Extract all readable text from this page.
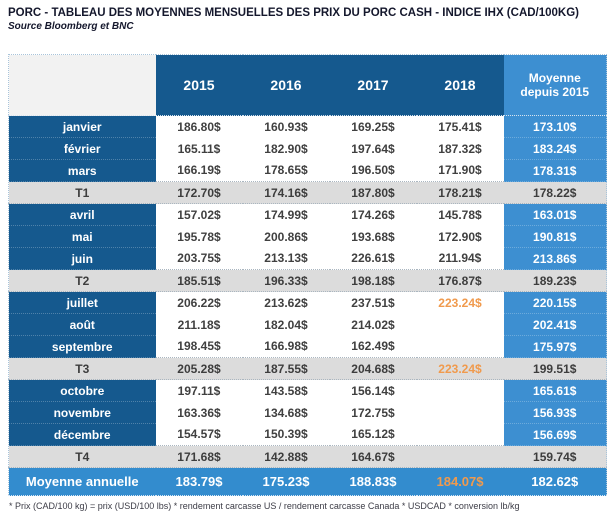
PORC - TABLEAU DES MOYENNES MENSUELLES DES PRIX DU PORC CASH - INDICE IHX (CAD/100KG)
Source Bloomberg et BNC
	2015	2016	2017	2018	Moyenne depuis 2015
janvier	186.80$	160.93$	169.25$	175.41$	173.10$
février	165.11$	182.90$	197.64$	187.32$	183.24$
mars	166.19$	178.65$	196.50$	171.90$	178.31$
T1	172.70$	174.16$	187.80$	178.21$	178.22$
avril	157.02$	174.99$	174.26$	145.78$	163.01$
mai	195.78$	200.86$	193.68$	172.90$	190.81$
juin	203.75$	213.13$	226.61$	211.94$	213.86$
T2	185.51$	196.33$	198.18$	176.87$	189.23$
juillet	206.22$	213.62$	237.51$	223.24$	220.15$
août	211.18$	182.04$	214.02$		202.41$
septembre	198.45$	166.98$	162.49$		175.97$
T3	205.28$	187.55$	204.68$	223.24$	199.51$
octobre	197.11$	143.58$	156.14$		165.61$
novembre	163.36$	134.68$	172.75$		156.93$
décembre	154.57$	150.39$	165.12$		156.69$
T4	171.68$	142.88$	164.67$		159.74$
Moyenne annuelle	183.79$	175.23$	188.83$	184.07$	182.62$
* Prix (CAD/100 kg) = prix (USD/100 lbs) * rendement carcasse US / rendement carcasse Canada * USDCAD * conversion lb/kg
